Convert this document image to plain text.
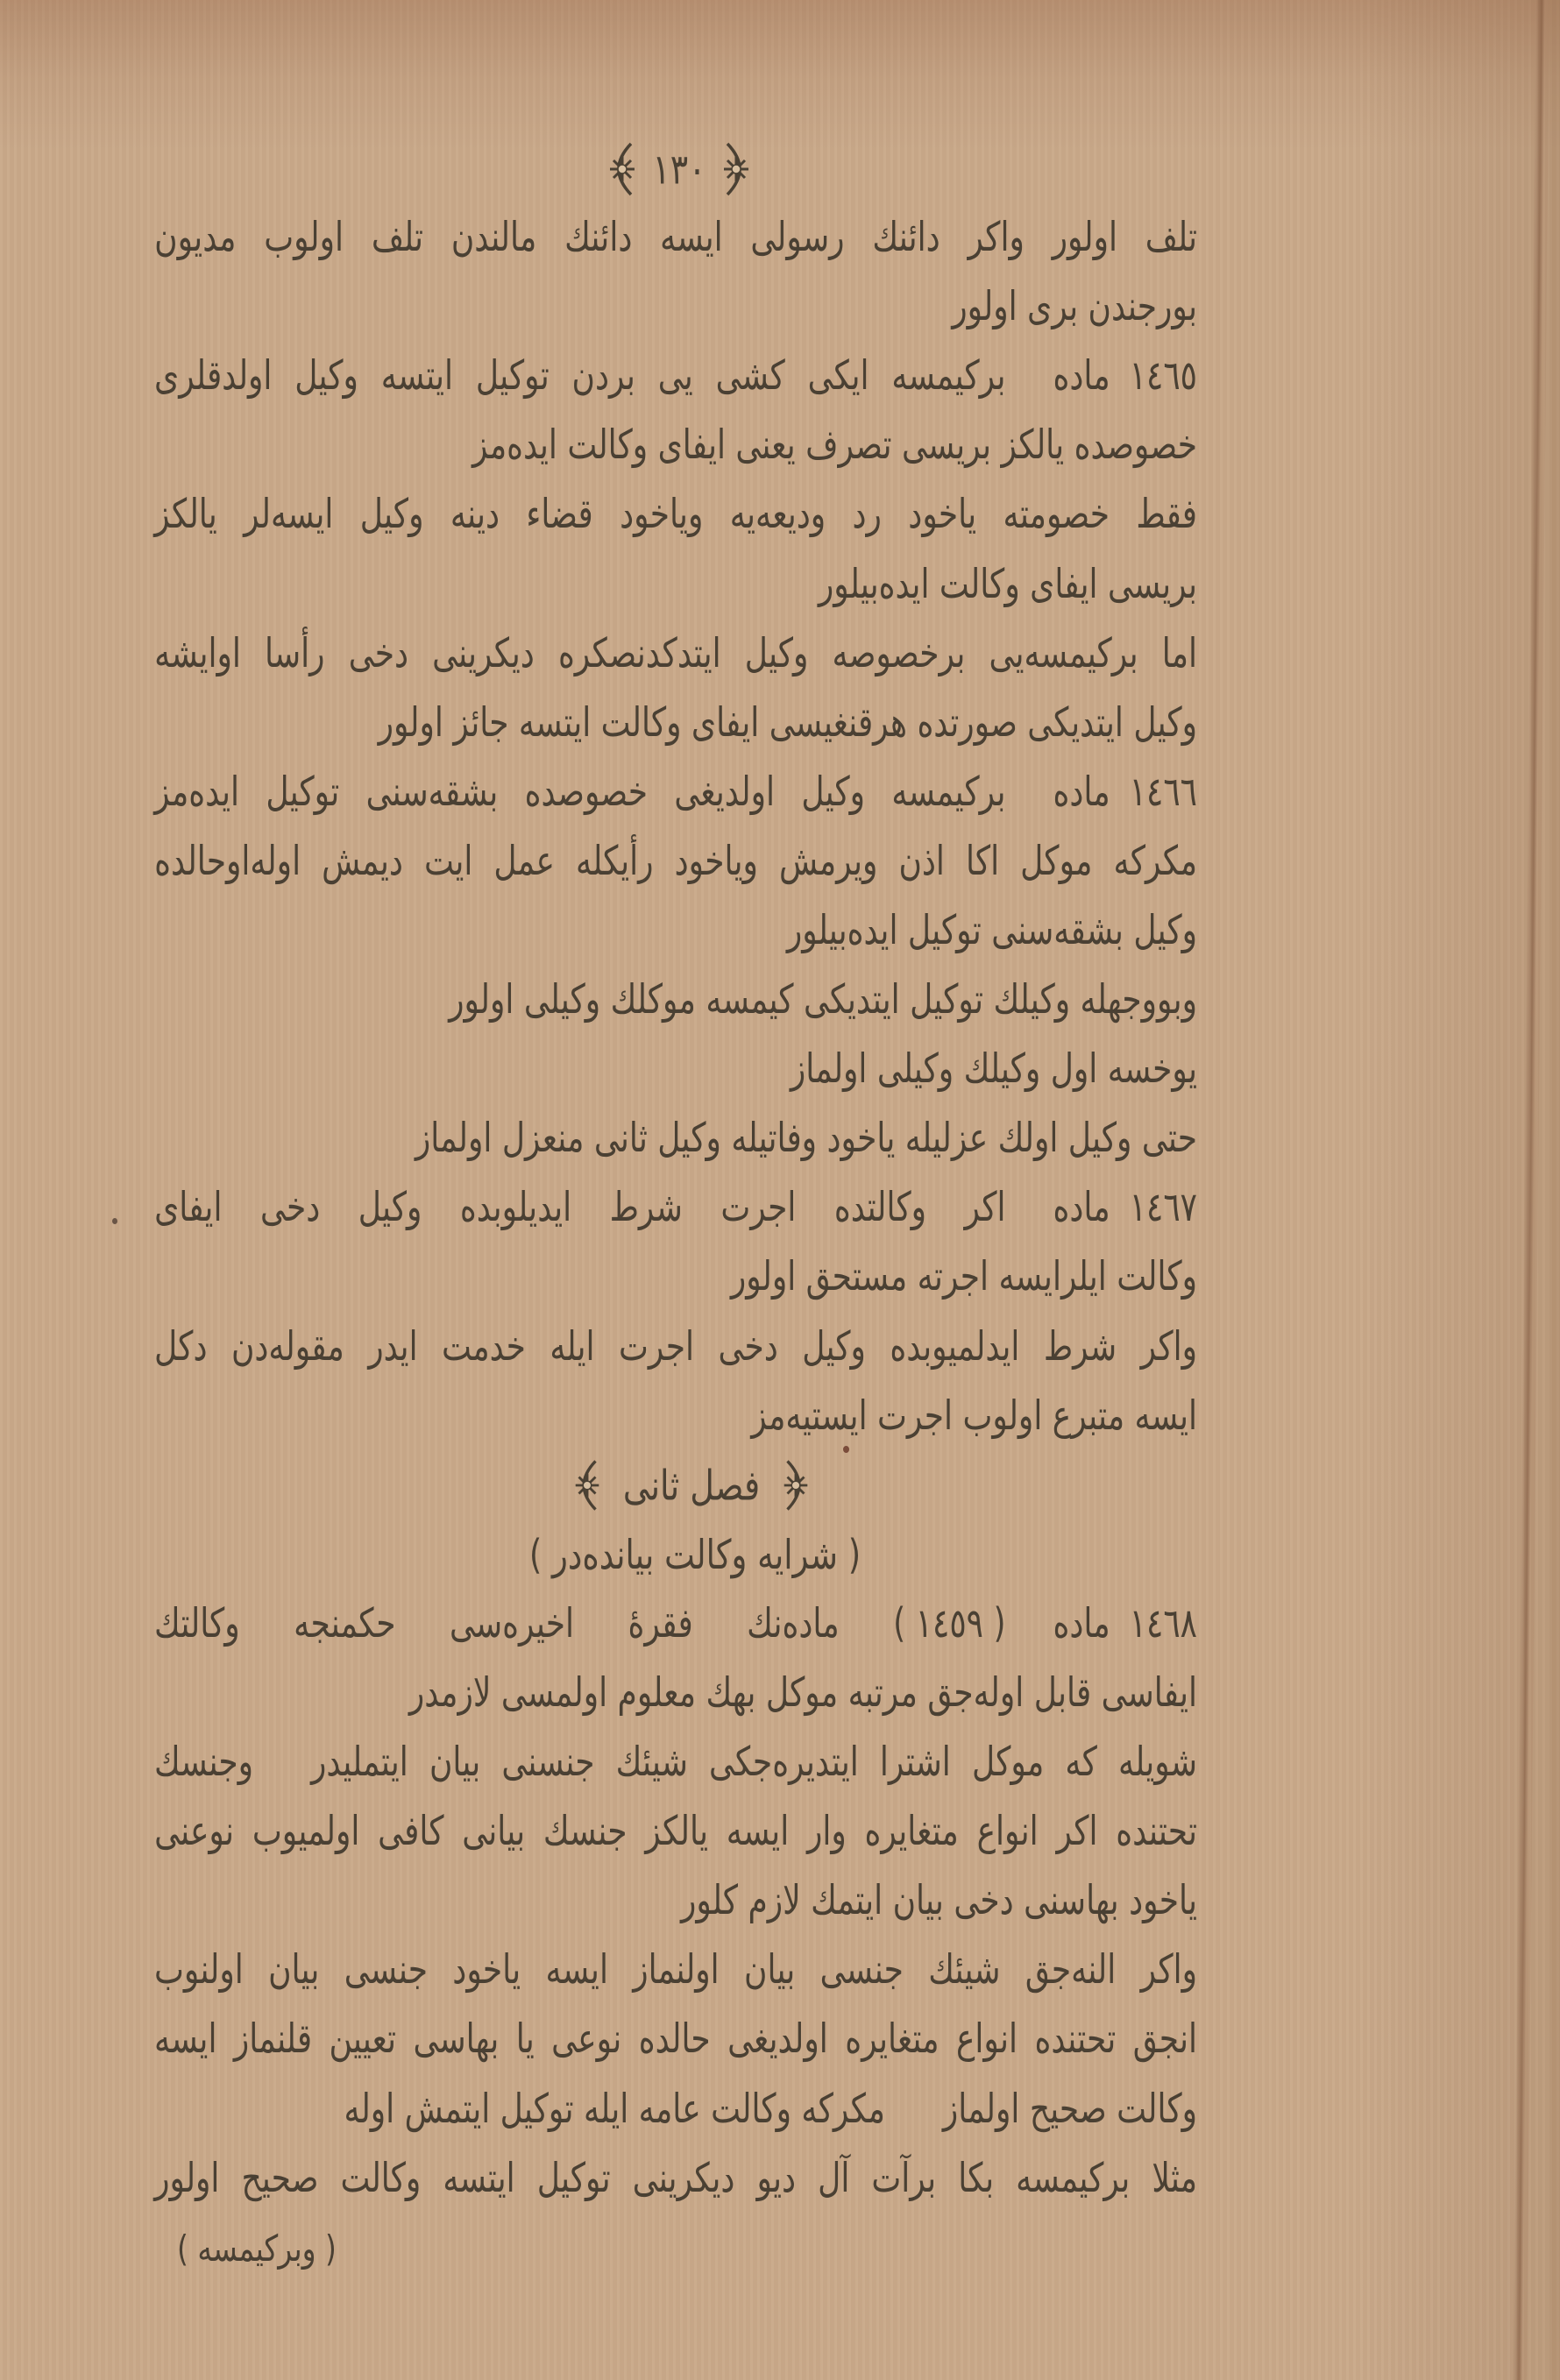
١٣٠
تلف
اولور
واكر
دائنك
رسولى
ايسه
دائنك
مالندن
تلف
اولوب
مديون
بورجندن برى اولور
١٤٦٥
ماده
بركيمسه
ايكى
كشى
يى
بردن
توكيل
ايتسه
وكيل
اولدقلرى
خصوصده يالكز بريسى تصرف يعنى ايفاى وكالت ايده‌مز
فقط
خصومته
ياخود
رد
وديعه‌يه
وياخود
قضاء
دينه
وكيل
ايسه‌لر
يالكز
بريسى ايفاى وكالت ايده‌بيلور
اما
بركيمسه‌يى
برخصوصه
وكيل
ايتدكدنصكره
ديكرينى
دخى
رأسا
اوايشه
وكيل ايتديكى صورتده هرقنغيسى ايفاى وكالت ايتسه جائز اولور
١٤٦٦
ماده
بركيمسه
وكيل
اولديغى
خصوصده
بشقه‌سنى
توكيل
ايده‌مز
مكركه
موكل
اكا
اذن
ويرمش
وياخود
رأيكله
عمل
ايت
ديمش
اوله‌اوحالده
وكيل بشقه‌سنى توكيل ايده‌بيلور
وبووجهله وكيلك توكيل ايتديكى كيمسه موكلك وكيلى اولور
يوخسه اول وكيلك وكيلى اولماز
حتى وكيل اولك عزليله ياخود وفاتيله وكيل ثانى منعزل اولماز
١٤٦٧
ماده
اكر
وكالتده
اجرت
شرط
ايديلوبده
وكيل
دخى
ايفاى
وكالت ايلرايسه اجرته مستحق اولور
واكر
شرط
ايدلميوبده
وكيل
دخى
اجرت
ايله
خدمت
ايدر
مقوله‌دن
دكل
ايسه متبرع اولوب اجرت ايستيه‌مز
فصل ثانى
( شرايه وكالت بيانده‌در )
١٤٦٨
ماده
( ١٤٥٩ )
ماده‌نك
فقرۀ
اخيره‌سى
حكمنجه
وكالتك
ايفاسى قابل اوله‌جق مرتبه موكل بهك معلوم اولمسى لازمدر
شويله
كه
موكل
اشترا
ايتديره‌جكى
شيئك
جنسنى
بيان
ايتمليدر
وجنسك
تحتنده
اكر
انواع
متغايره
وار
ايسه
يالكز
جنسك
بيانى
كافى
اولميوب
نوعنى
ياخود بهاسنى دخى بيان ايتمك لازم كلور
واكر
النه‌جق
شيئك
جنسى
بيان
اولنماز
ايسه
ياخود
جنسى
بيان
اولنوب
انجق
تحتنده
انواع
متغايره
اولديغى
حالده
نوعى
يا
بهاسى
تعيين
قلنماز
ايسه
وكالت صحيح اولماز
مكركه وكالت عامه ايله توكيل ايتمش اوله
مثلا
بركيمسه
بكا
برآت
آل
ديو
ديكرينى
توكيل
ايتسه
وكالت
صحيح
اولور
( وبركيمسه )
